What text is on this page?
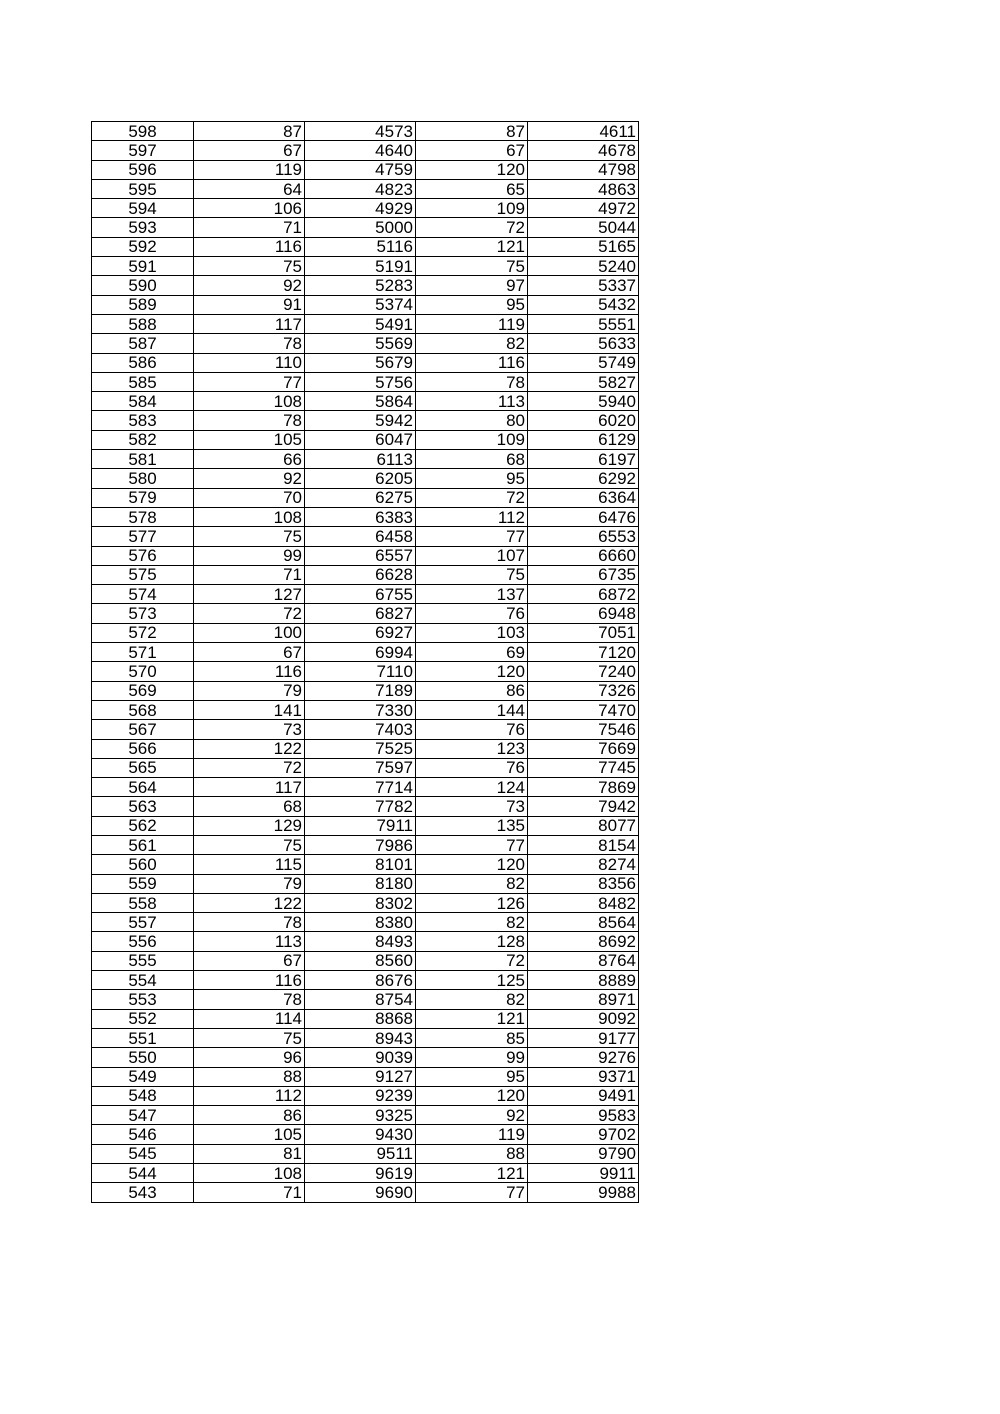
598	87	4573	87	4611
597	67	4640	67	4678
596	119	4759	120	4798
595	64	4823	65	4863
594	106	4929	109	4972
593	71	5000	72	5044
592	116	5116	121	5165
591	75	5191	75	5240
590	92	5283	97	5337
589	91	5374	95	5432
588	117	5491	119	5551
587	78	5569	82	5633
586	110	5679	116	5749
585	77	5756	78	5827
584	108	5864	113	5940
583	78	5942	80	6020
582	105	6047	109	6129
581	66	6113	68	6197
580	92	6205	95	6292
579	70	6275	72	6364
578	108	6383	112	6476
577	75	6458	77	6553
576	99	6557	107	6660
575	71	6628	75	6735
574	127	6755	137	6872
573	72	6827	76	6948
572	100	6927	103	7051
571	67	6994	69	7120
570	116	7110	120	7240
569	79	7189	86	7326
568	141	7330	144	7470
567	73	7403	76	7546
566	122	7525	123	7669
565	72	7597	76	7745
564	117	7714	124	7869
563	68	7782	73	7942
562	129	7911	135	8077
561	75	7986	77	8154
560	115	8101	120	8274
559	79	8180	82	8356
558	122	8302	126	8482
557	78	8380	82	8564
556	113	8493	128	8692
555	67	8560	72	8764
554	116	8676	125	8889
553	78	8754	82	8971
552	114	8868	121	9092
551	75	8943	85	9177
550	96	9039	99	9276
549	88	9127	95	9371
548	112	9239	120	9491
547	86	9325	92	9583
546	105	9430	119	9702
545	81	9511	88	9790
544	108	9619	121	9911
543	71	9690	77	9988
